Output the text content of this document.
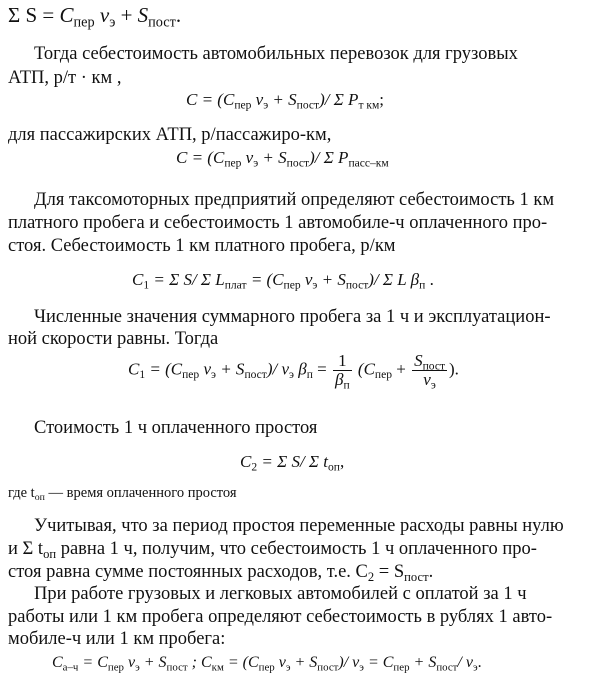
Σ $S = C_{пер}$ $v_э + S_{пост}$.
Тогда себестоимость автомобильных перевозок для грузовых
АТП, р/т · км ,
$C = (C_{пер}$ $v_э + S_{пост})/$ Σ $P_{т км}$;
для пассажирских АТП, р/пассажиро-км,
$C = (C_{пер}$ $v_э + S_{пост})/$ Σ $P_{пасс-км}$
Для таксомоторных предприятий определяют себестоимость 1 км
платного пробега и себестоимость 1 автомобиле-ч оплаченного про-
стоя. Себестоимость 1 км платного пробега, р/км
$C_1 = \Sigma$ S/ Σ $L_{плат} = (C_{пер}$ $v_э + S_{пост})/$ Σ L $\beta_п$ .
Численные значения суммарного пробега за 1 ч и эксплуатацион-
ной скорости равны. Тогда
$C_1 = (C_{пер}$ $v_э + S_{пост})/$ $v_э$ $\beta_п = \frac{1}{\beta_п} (C_{пер} + \frac{S_{пост}}{v_э}$ ).
Стоимость 1 ч оплаченного простоя
$C_2 = \Sigma$ S/ Σ $t_{оп}$,
где $t_{оп}$ — время оплаченного простоя
Учитывая, что за период простоя переменные расходы равны нулю
и Σ $t_{оп}$ равна 1 ч, получим, что себестоимость 1 ч оплаченного про-
стоя равна сумме постоянных расходов, т.е. $C_2 = S_{пост}$.
При работе грузовых и легковых автомобилей с оплатой за 1 ч
работы или 1 км пробега определяют себестоимость в рублях 1 авто-
мобиле-ч или 1 км пробега:
$C_{а-ч} = C_{пер}$ $v_э + S_{пост}$ ; $C_{км} = (C_{пер}$ $v_э + S_{пост})/$ $v_э = C_{пер} + S_{пост}/$ $v_э$.
